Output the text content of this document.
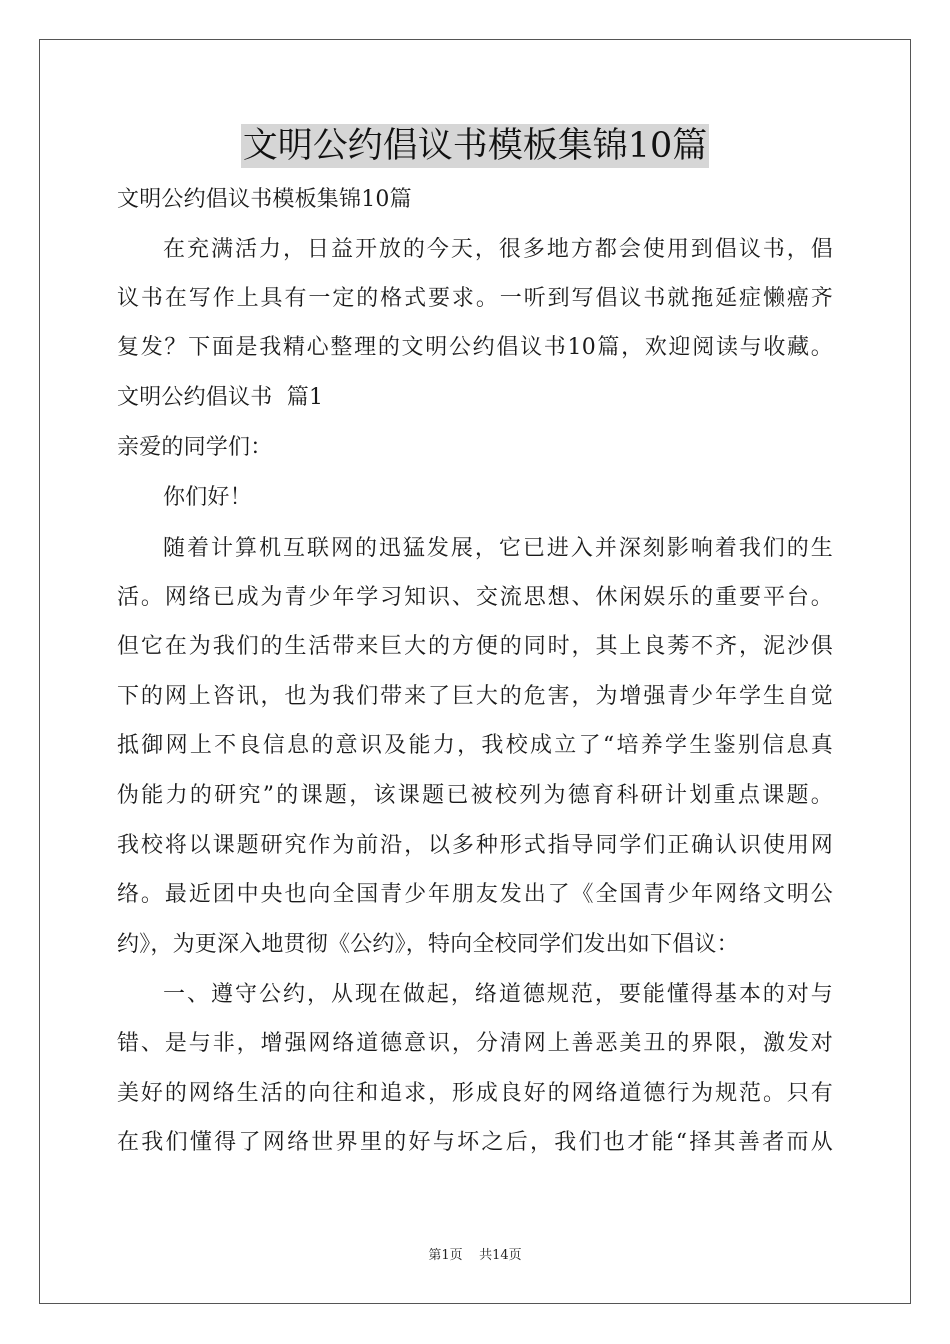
文明公约倡议书模板集锦10篇
文明公约倡议书模板集锦10篇
在充满活力，日益开放的今天，很多地方都会使用到倡议书，倡
议书在写作上具有一定的格式要求。一听到写倡议书就拖延症懒癌齐
复发？下面是我精心整理的文明公约倡议书10篇，欢迎阅读与收藏。
文明公约倡议书  篇1
亲爱的同学们：
你们好！
随着计算机互联网的迅猛发展，它已进入并深刻影响着我们的生
活。网络已成为青少年学习知识、交流思想、休闲娱乐的重要平台。
但它在为我们的生活带来巨大的方便的同时，其上良莠不齐，泥沙俱
下的网上咨讯，也为我们带来了巨大的危害，为增强青少年学生自觉
抵御网上不良信息的意识及能力，我校成立了“培养学生鉴别信息真
伪能力的研究”的课题，该课题已被校列为德育科研计划重点课题。
我校将以课题研究作为前沿，以多种形式指导同学们正确认识使用网
络。最近团中央也向全国青少年朋友发出了《全国青少年网络文明公
约》，为更深入地贯彻《公约》，特向全校同学们发出如下倡议：
一、遵守公约，从现在做起，络道德规范，要能懂得基本的对与
错、是与非，增强网络道德意识，分清网上善恶美丑的界限，激发对
美好的网络生活的向往和追求，形成良好的网络道德行为规范。只有
在我们懂得了网络世界里的好与坏之后，我们也才能“择其善者而从
第1页    共14页
